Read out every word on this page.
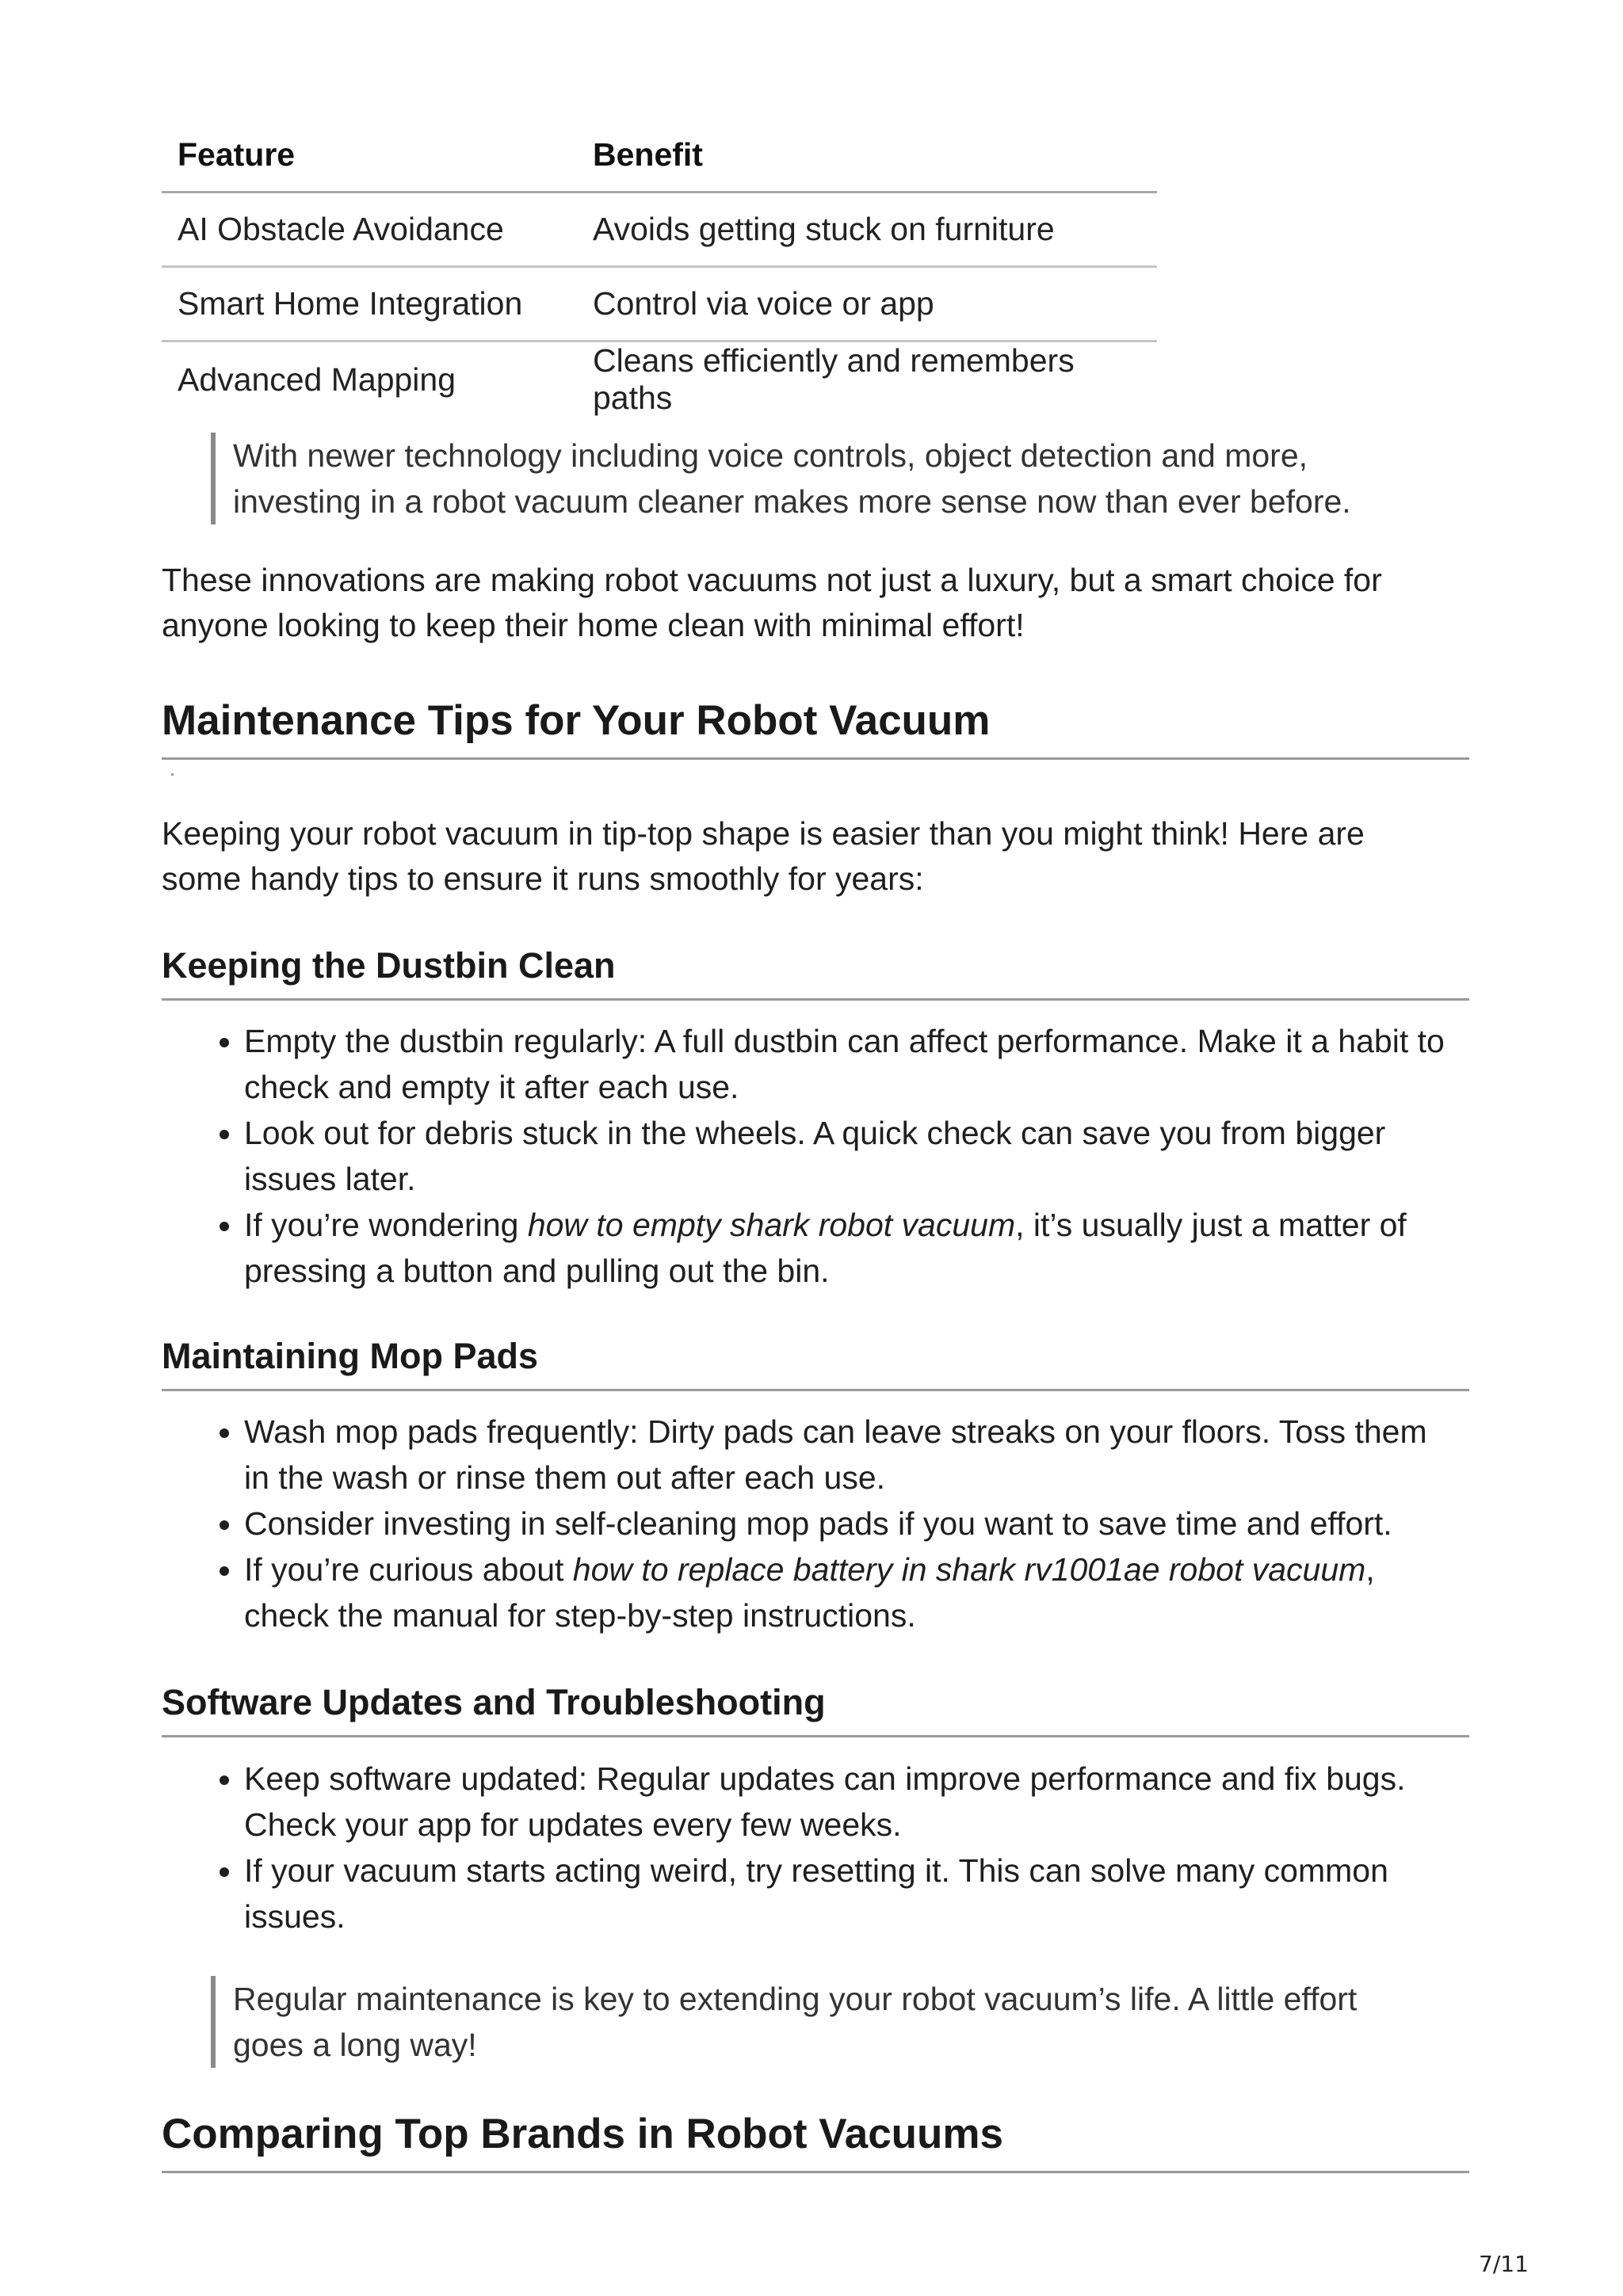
Feature	Benefit
AI Obstacle Avoidance	Avoids getting stuck on furniture
Smart Home Integration	Control via voice or app
Advanced Mapping	Cleans efficiently and remembers paths
With newer technology including voice controls, object detection and more,
investing in a robot vacuum cleaner makes more sense now than ever before.
These innovations are making robot vacuums not just a luxury, but a smart choice for
anyone looking to keep their home clean with minimal effort!
Maintenance Tips for Your Robot Vacuum
Keeping your robot vacuum in tip-top shape is easier than you might think! Here are
some handy tips to ensure it runs smoothly for years:
Keeping the Dustbin Clean
• Empty the dustbin regularly: A full dustbin can affect performance. Make it a habit to
check and empty it after each use.
• Look out for debris stuck in the wheels. A quick check can save you from bigger
issues later.
• If you’re wondering how to empty shark robot vacuum, it’s usually just a matter of
pressing a button and pulling out the bin.
Maintaining Mop Pads
• Wash mop pads frequently: Dirty pads can leave streaks on your floors. Toss them
in the wash or rinse them out after each use.
• Consider investing in self-cleaning mop pads if you want to save time and effort.
• If you’re curious about how to replace battery in shark rv1001ae robot vacuum,
check the manual for step-by-step instructions.
Software Updates and Troubleshooting
• Keep software updated: Regular updates can improve performance and fix bugs.
Check your app for updates every few weeks.
• If your vacuum starts acting weird, try resetting it. This can solve many common
issues.
Regular maintenance is key to extending your robot vacuum’s life. A little effort
goes a long way!
Comparing Top Brands in Robot Vacuums
7/11
